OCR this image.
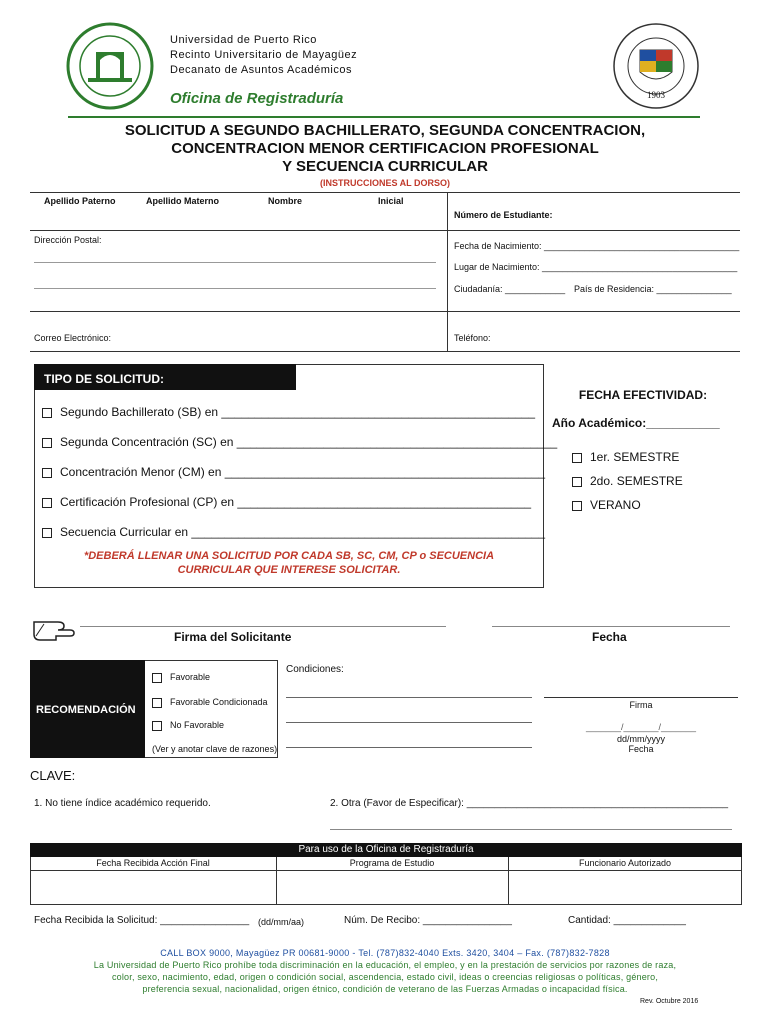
Universidad de Puerto Rico
Recinto Universitario de Mayagüez
Decanato de Asuntos Académicos
Oficina de Registraduría	1903
SOLICITUD A SEGUNDO BACHILLERATO, SEGUNDA CONCENTRACION,
CONCENTRACION MENOR CERTIFICACION PROFESIONAL
Y SECUENCIA CURRICULAR
(INSTRUCCIONES AL DORSO)
Apellido Paterno	Apellido Materno	Nombre	Inicial
Número de Estudiante:
Dirección Postal:
Fecha de Nacimiento: _______________________________________
Lugar de Nacimiento: _______________________________________
Ciudadanía: ____________ País de Residencia: _______________
Correo Electrónico:	Teléfono:
TIPO DE SOLICITUD:
Segundo Bachillerato (SB) en _______________________________________________
Segunda Concentración (SC) en ________________________________________________
Concentración Menor (CM) en ________________________________________________
Certificación Profesional (CP) en ____________________________________________
Secuencia Curricular en _____________________________________________________
*DEBERÁ LLENAR UNA SOLICITUD POR CADA SB, SC, CM, CP o SECUENCIA
CURRICULAR QUE INTERESE SOLICITAR.
FECHA EFECTIVIDAD:
Año Académico:___________
1er. SEMESTRE
2do. SEMESTRE
VERANO
Firma del Solicitante	Fecha
RECOMENDACIÓN
Favorable
Favorable Condicionada
No Favorable
(Ver y anotar clave de razones)
Condiciones:
Firma
_______/_______/_______
dd/mm/yyyy
Fecha
CLAVE:
1. No tiene índice académico requerido.	2. Otra (Favor de Especificar): _______________________________________________
Para uso de la Oficina de Registraduría
Fecha Recibida Acción Final	Programa de Estudio	Funcionario Autorizado
Fecha Recibida la Solicitud: ________________ (dd/mm/aa)	Núm. De Recibo: ________________	Cantidad: _____________
CALL BOX 9000, Mayagüez PR 00681-9000 - Tel. (787)832-4040 Exts. 3420, 3404 – Fax. (787)832-7828
La Universidad de Puerto Rico prohíbe toda discriminación en la educación, el empleo, y en la prestación de servicios por razones de raza,
color, sexo, nacimiento, edad, origen o condición social, ascendencia, estado civil, ideas o creencias religiosas o políticas, género,
preferencia sexual, nacionalidad, origen étnico, condición de veterano de las Fuerzas Armadas o incapacidad física.
Rev. Octubre 2016
